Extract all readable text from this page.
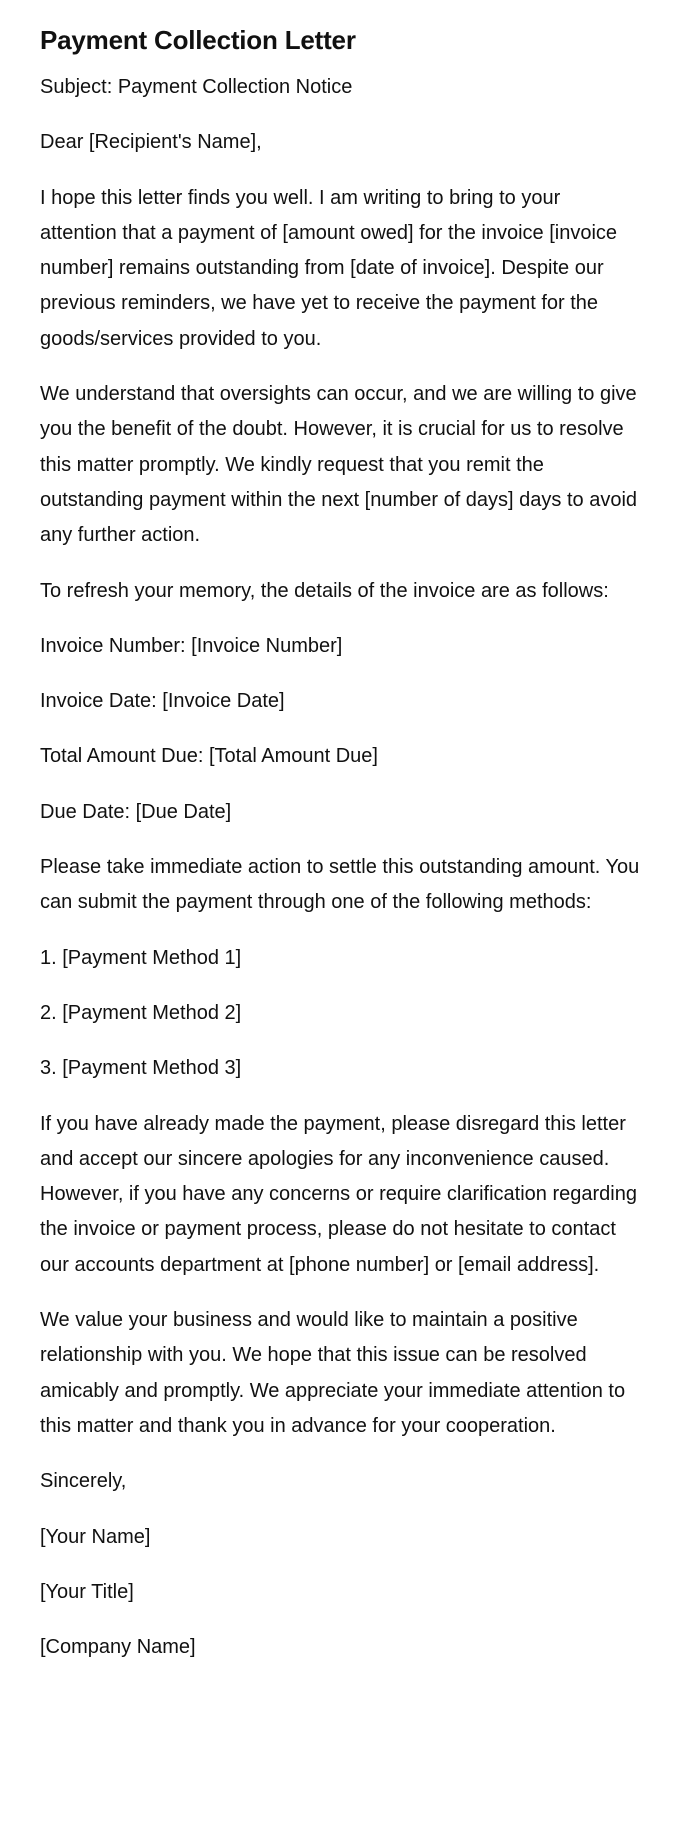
Payment Collection Letter

Subject: Payment Collection Notice

Dear [Recipient's Name],

I hope this letter finds you well. I am writing to bring to your attention that a payment of [amount owed] for the invoice [invoice number] remains outstanding from [date of invoice]. Despite our previous reminders, we have yet to receive the payment for the goods/services provided to you.

We understand that oversights can occur, and we are willing to give you the benefit of the doubt. However, it is crucial for us to resolve this matter promptly. We kindly request that you remit the outstanding payment within the next [number of days] days to avoid any further action.

To refresh your memory, the details of the invoice are as follows:

Invoice Number: [Invoice Number]

Invoice Date: [Invoice Date]

Total Amount Due: [Total Amount Due]

Due Date: [Due Date]

Please take immediate action to settle this outstanding amount. You can submit the payment through one of the following methods:

1. [Payment Method 1]

2. [Payment Method 2]

3. [Payment Method 3]

If you have already made the payment, please disregard this letter and accept our sincere apologies for any inconvenience caused. However, if you have any concerns or require clarification regarding the invoice or payment process, please do not hesitate to contact our accounts department at [phone number] or [email address].

We value your business and would like to maintain a positive relationship with you. We hope that this issue can be resolved amicably and promptly. We appreciate your immediate attention to this matter and thank you in advance for your cooperation.

Sincerely,

[Your Name]

[Your Title]

[Company Name]
